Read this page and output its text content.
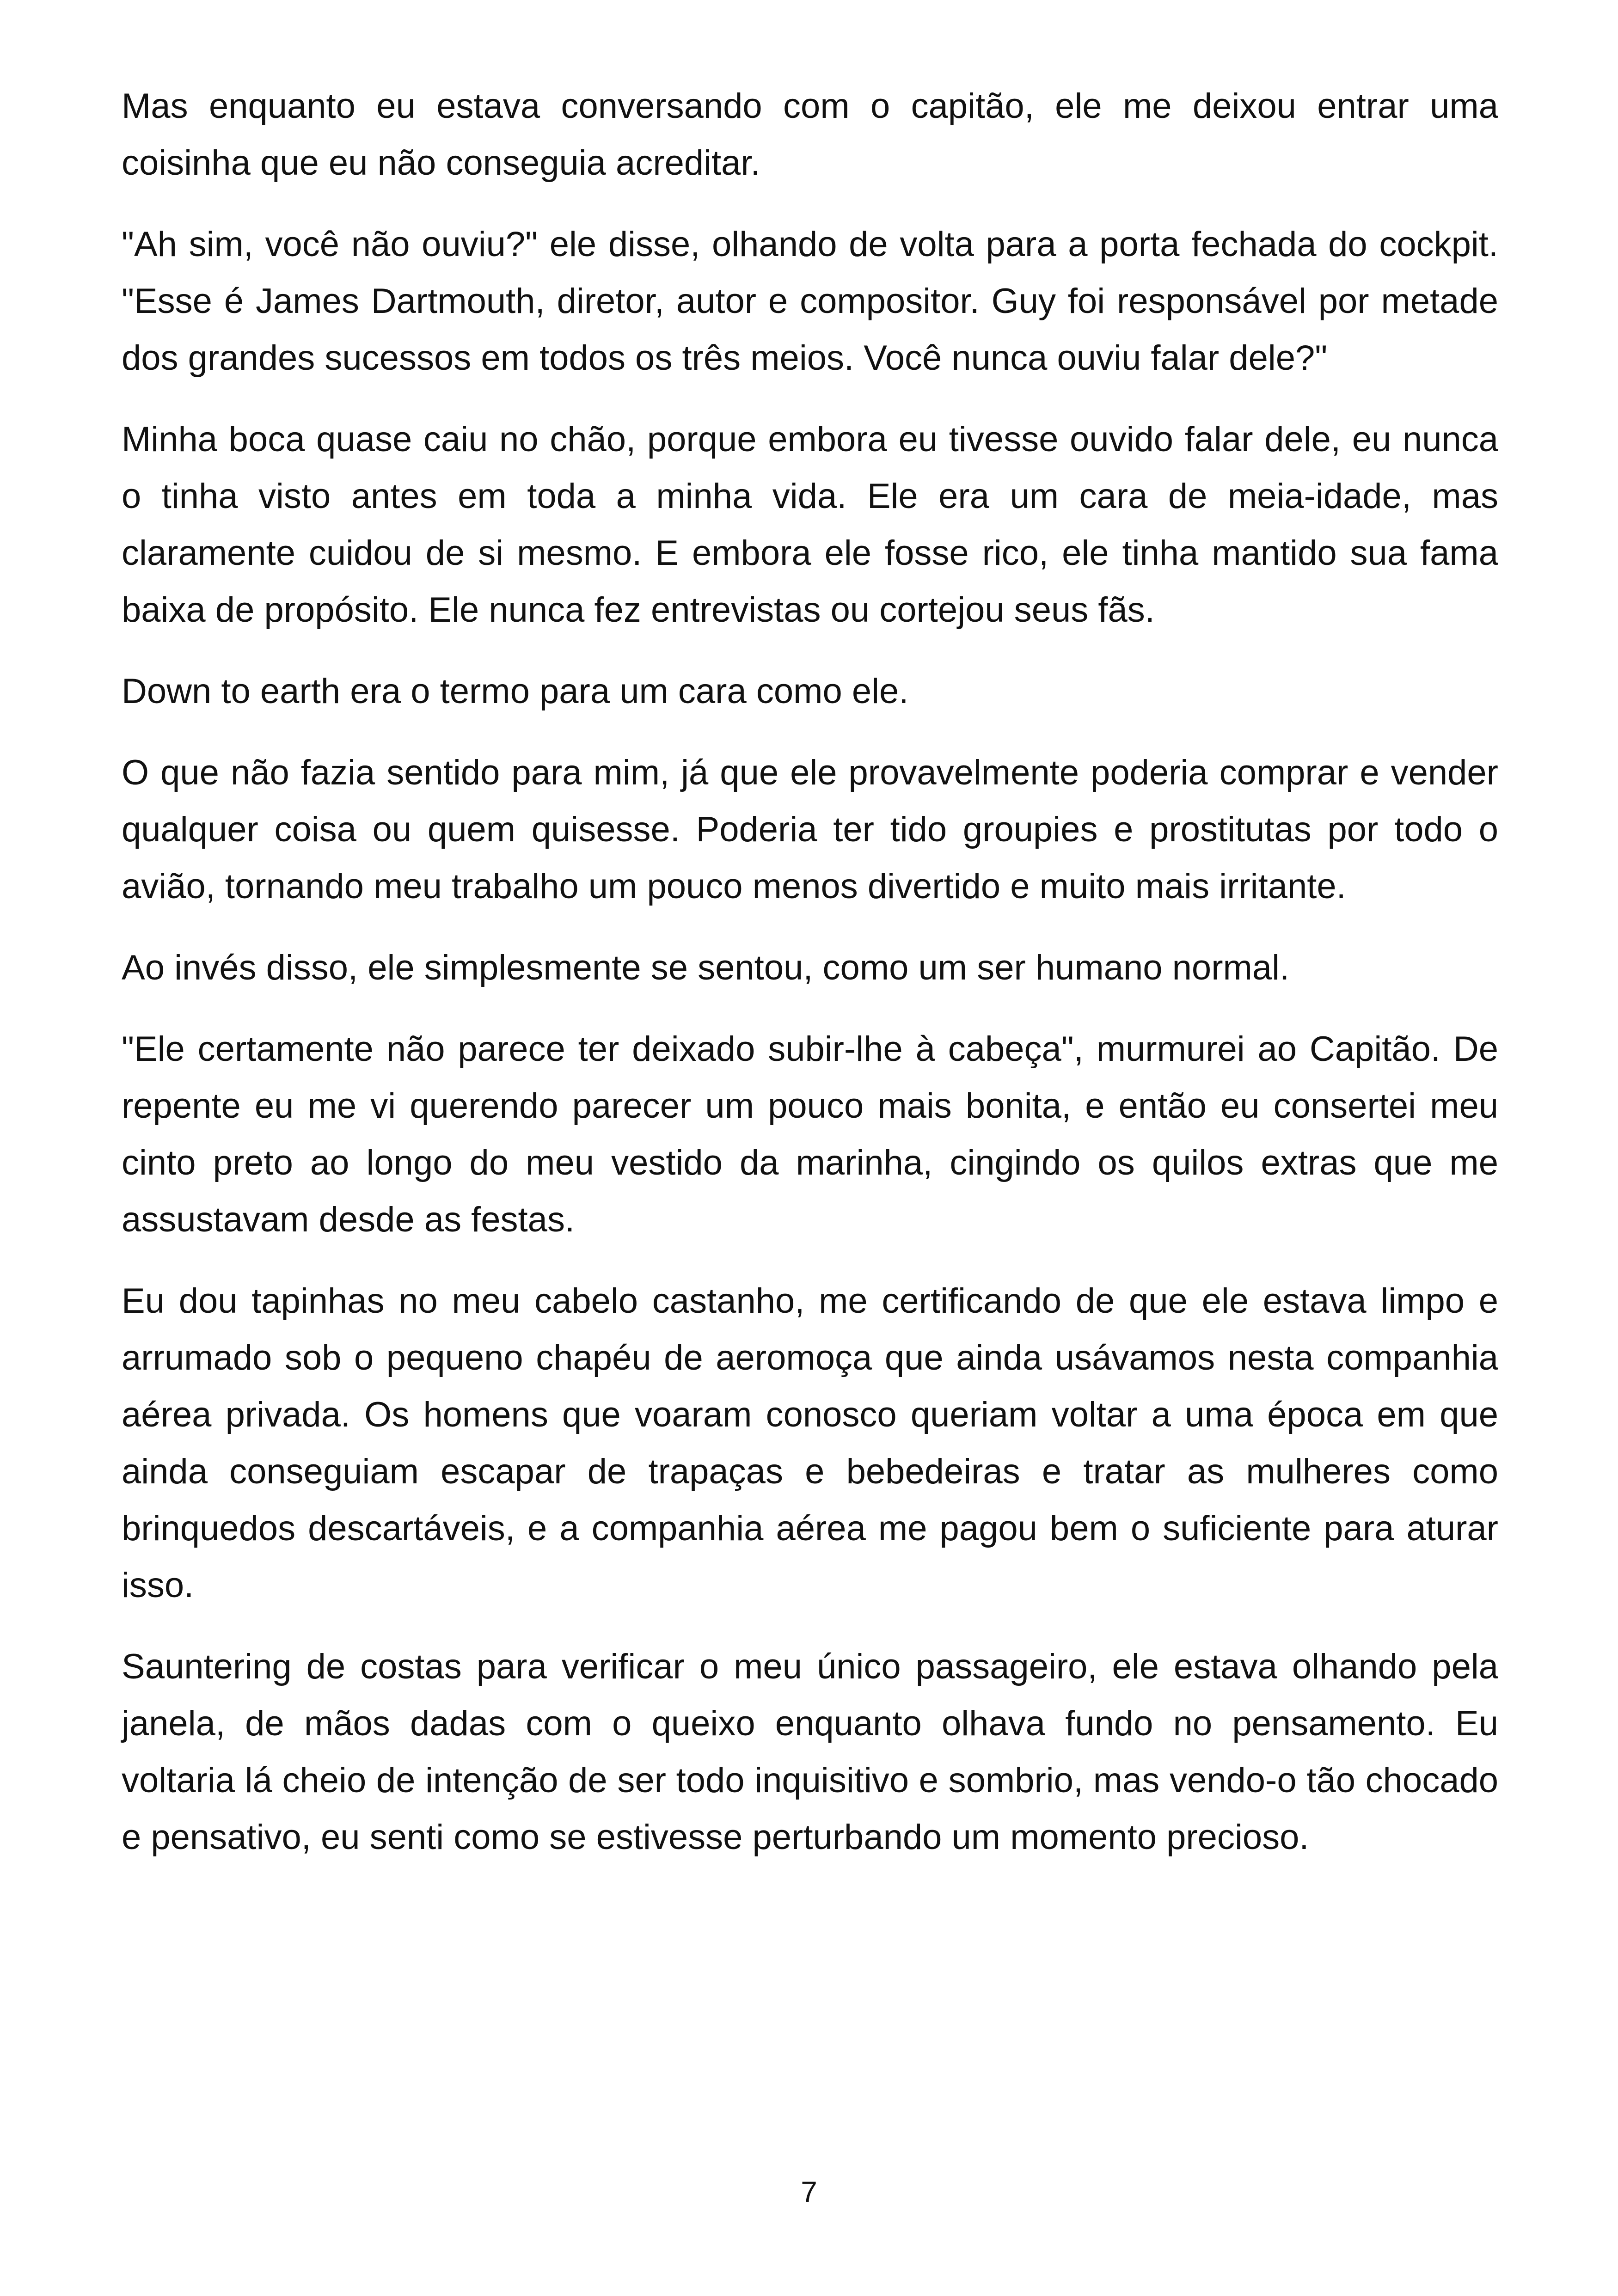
Mas enquanto eu estava conversando com o capitão, ele me deixou entrar uma coisinha que eu não conseguia acreditar.

"Ah sim, você não ouviu?" ele disse, olhando de volta para a porta fechada do cockpit. "Esse é James Dartmouth, diretor, autor e compositor. Guy foi responsável por metade dos grandes sucessos em todos os três meios. Você nunca ouviu falar dele?"

Minha boca quase caiu no chão, porque embora eu tivesse ouvido falar dele, eu nunca o tinha visto antes em toda a minha vida. Ele era um cara de meia-idade, mas claramente cuidou de si mesmo. E embora ele fosse rico, ele tinha mantido sua fama baixa de propósito. Ele nunca fez entrevistas ou cortejou seus fãs.

Down to earth era o termo para um cara como ele.

O que não fazia sentido para mim, já que ele provavelmente poderia comprar e vender qualquer coisa ou quem quisesse. Poderia ter tido groupies e prostitutas por todo o avião, tornando meu trabalho um pouco menos divertido e muito mais irritante.

Ao invés disso, ele simplesmente se sentou, como um ser humano normal.

"Ele certamente não parece ter deixado subir-lhe à cabeça", murmurei ao Capitão. De repente eu me vi querendo parecer um pouco mais bonita, e então eu consertei meu cinto preto ao longo do meu vestido da marinha, cingindo os quilos extras que me assustavam desde as festas.

Eu dou tapinhas no meu cabelo castanho, me certificando de que ele estava limpo e arrumado sob o pequeno chapéu de aeromoça que ainda usávamos nesta companhia aérea privada. Os homens que voaram conosco queriam voltar a uma época em que ainda conseguiam escapar de trapaças e bebedeiras e tratar as mulheres como brinquedos descartáveis, e a companhia aérea me pagou bem o suficiente para aturar isso.

Sauntering de costas para verificar o meu único passageiro, ele estava olhando pela janela, de mãos dadas com o queixo enquanto olhava fundo no pensamento. Eu voltaria lá cheio de intenção de ser todo inquisitivo e sombrio, mas vendo-o tão chocado e pensativo, eu senti como se estivesse perturbando um momento precioso.

7
